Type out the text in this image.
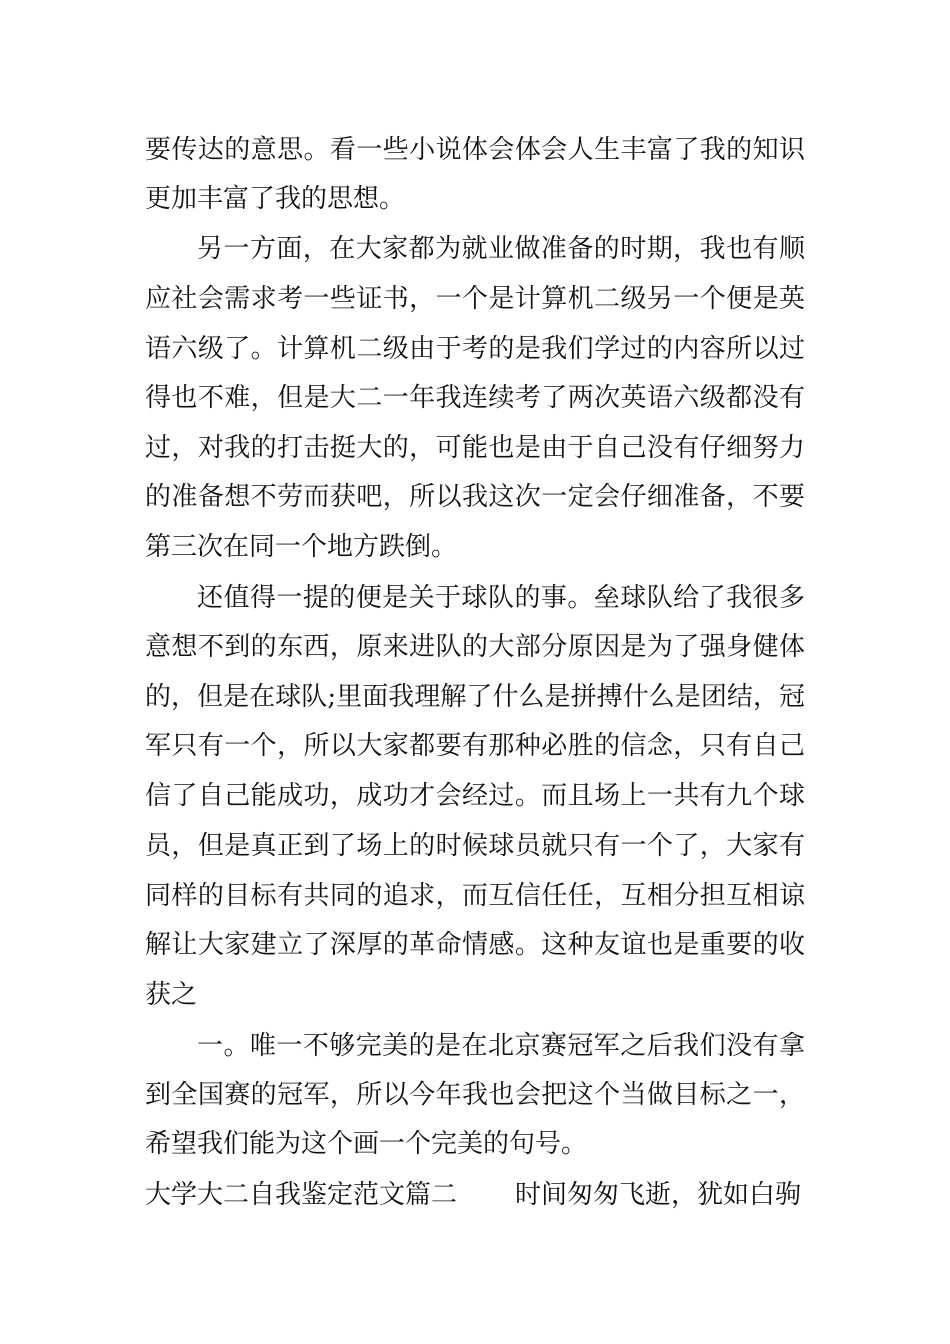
要传达的意思。看一些小说体会体会人生丰富了我的知识
更加丰富了我的思想。
另一方面，在大家都为就业做准备的时期，我也有顺
应社会需求考一些证书，一个是计算机二级另一个便是英
语六级了。计算机二级由于考的是我们学过的内容所以过
得也不难，但是大二一年我连续考了两次英语六级都没有
过，对我的打击挺大的，可能也是由于自己没有仔细努力
的准备想不劳而获吧，所以我这次一定会仔细准备，不要
第三次在同一个地方跌倒。
还值得一提的便是关于球队的事。垒球队给了我很多
意想不到的东西，原来进队的大部分原因是为了强身健体
的，但是在球队;里面我理解了什么是拼搏什么是团结，冠
军只有一个，所以大家都要有那种必胜的信念，只有自己
信了自己能成功，成功才会经过。而且场上一共有九个球
员，但是真正到了场上的时候球员就只有一个了，大家有
同样的目标有共同的追求，而互信任任，互相分担互相谅
解让大家建立了深厚的革命情感。这种友谊也是重要的收
获之
一。唯一不够完美的是在北京赛冠军之后我们没有拿
到全国赛的冠军，所以今年我也会把这个当做目标之一，
希望我们能为这个画一个完美的句号。
大学大二自我鉴定范文篇二 时间匆匆飞逝，犹如白驹
